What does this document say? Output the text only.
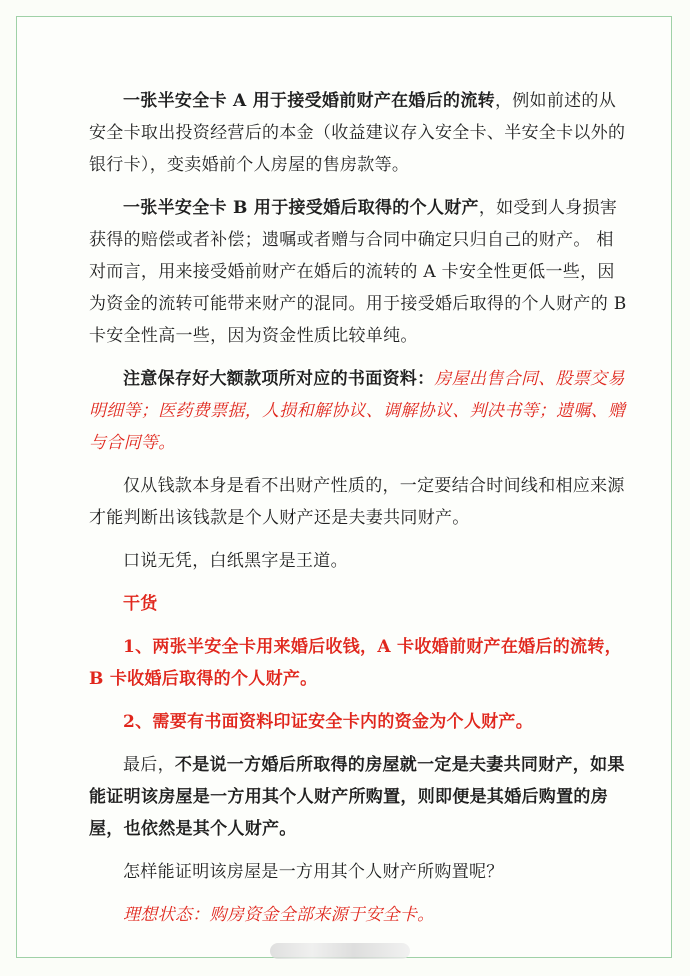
一张半安全卡 A 用于接受婚前财产在婚后的流转，例如前述的从安全卡取出投资经营后的本金（收益建议存入安全卡、半安全卡以外的银行卡），变卖婚前个人房屋的售房款等。

一张半安全卡 B 用于接受婚后取得的个人财产，如受到人身损害获得的赔偿或者补偿；遗嘱或者赠与合同中确定只归自己的财产。 相对而言，用来接受婚前财产在婚后的流转的 A 卡安全性更低一些，因为资金的流转可能带来财产的混同。用于接受婚后取得的个人财产的 B 卡安全性高一些，因为资金性质比较单纯。

注意保存好大额款项所对应的书面资料：房屋出售合同、股票交易明细等；医药费票据，人损和解协议、调解协议、判决书等；遗嘱、赠与合同等。

仅从钱款本身是看不出财产性质的，一定要结合时间线和相应来源才能判断出该钱款是个人财产还是夫妻共同财产。

口说无凭，白纸黑字是王道。

干货

1、两张半安全卡用来婚后收钱，A 卡收婚前财产在婚后的流转，B 卡收婚后取得的个人财产。

2、需要有书面资料印证安全卡内的资金为个人财产。

最后，不是说一方婚后所取得的房屋就一定是夫妻共同财产，如果能证明该房屋是一方用其个人财产所购置，则即便是其婚后购置的房屋，也依然是其个人财产。

怎样能证明该房屋是一方用其个人财产所购置呢？

理想状态：购房资金全部来源于安全卡。
